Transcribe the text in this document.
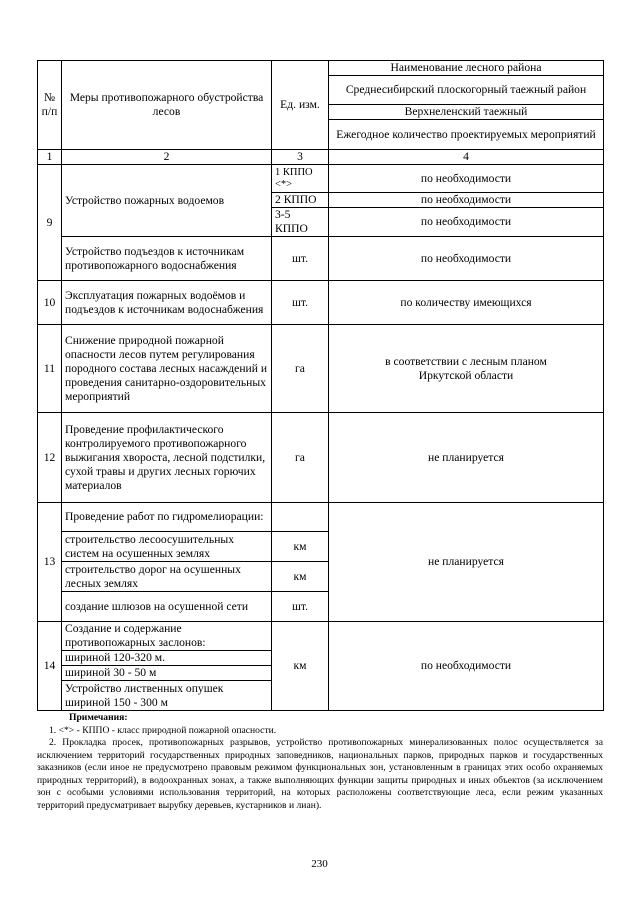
№
п/п	Меры противопожарного обустройства лесов	Ед. изм.	Наименование лесного района
			Среднесибирский плоскогорный таежный район
			Верхнеленский таежный
			Ежегодное количество проектируемых мероприятий
1	2	3	4
9	Устройство пожарных водоемов	1 КППО <*>	по необходимости
		2 КППО	по необходимости
		3-5 КППО	по необходимости
	Устройство подъездов к источникам противопожарного водоснабжения	шт.	по необходимости
10	Эксплуатация пожарных водоёмов и подъездов к источникам водоснабжения	шт.	по количеству имеющихся
11	Снижение природной пожарной опасности лесов путем регулирования породного состава лесных насаждений и проведения санитарно-оздоровительных мероприятий	га	в соответствии с лесным планом Иркутской области
12	Проведение профилактического контролируемого противопожарного выжигания хвороста, лесной подстилки, сухой травы и других лесных горючих материалов	га	не планируется
13	Проведение работ по гидромелиорации:		не планируется
	строительство лесоосушительных систем на осушенных землях	км	
	строительство дорог на осушенных лесных землях	км	
	создание шлюзов на осушенной сети	шт.	
14	Создание и содержание противопожарных заслонов:	км	по необходимости
	шириной 120-320 м.		
	шириной 30 - 50 м		
	Устройство лиственных опушек шириной 150 - 300 м		
Примечания:

1. <*> - КППО - класс природной пожарной опасности.

2. Прокладка просек, противопожарных разрывов, устройство противопожарных минерализованных полос осуществляется за исключением территорий государственных природных заповедников, национальных парков, природных парков и государственных заказников (если иное не предусмотрено правовым режимом функциональных зон, установленным в границах этих особо охраняемых природных территорий), в водоохранных зонах, а также выполняющих функции защиты природных и иных объектов (за исключением зон с особыми условиями использования территорий, на которых расположены соответствующие леса, если режим указанных территорий предусматривает вырубку деревьев, кустарников и лиан).

230
